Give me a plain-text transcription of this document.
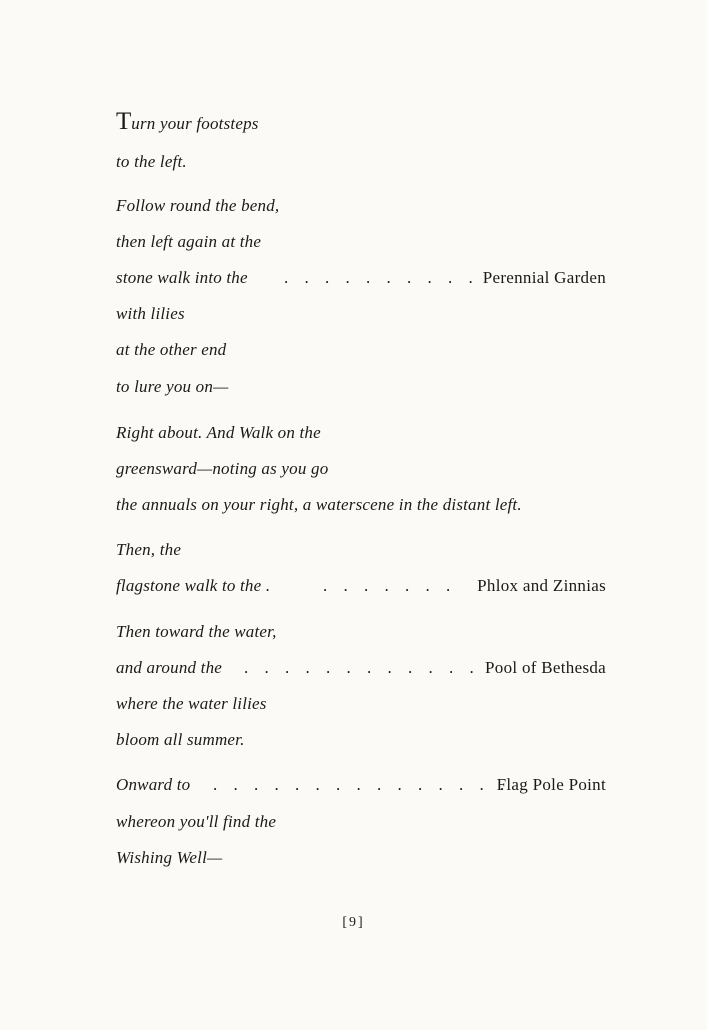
Turn your footsteps
to the left.
Follow round the bend,
then left again at the
stone walk into the . . . . . . . . . . Perennial Garden
with lilies
at the other end
to lure you on—
Right about. And Walk on the
greensward—noting as you go
the annuals on your right, a waterscene in the distant left.
Then, the
flagstone walk to the .	. . . . . . . Phlox and Zinnias
Then toward the water,
and around the . . . . . . . . . . . . Pool of Bethesda
where the water lilies
bloom all summer.
Onward to . . . . . . . . . . . . . . .
Flag Pole Point
whereon you'll find the
Wishing Well—
[9]
